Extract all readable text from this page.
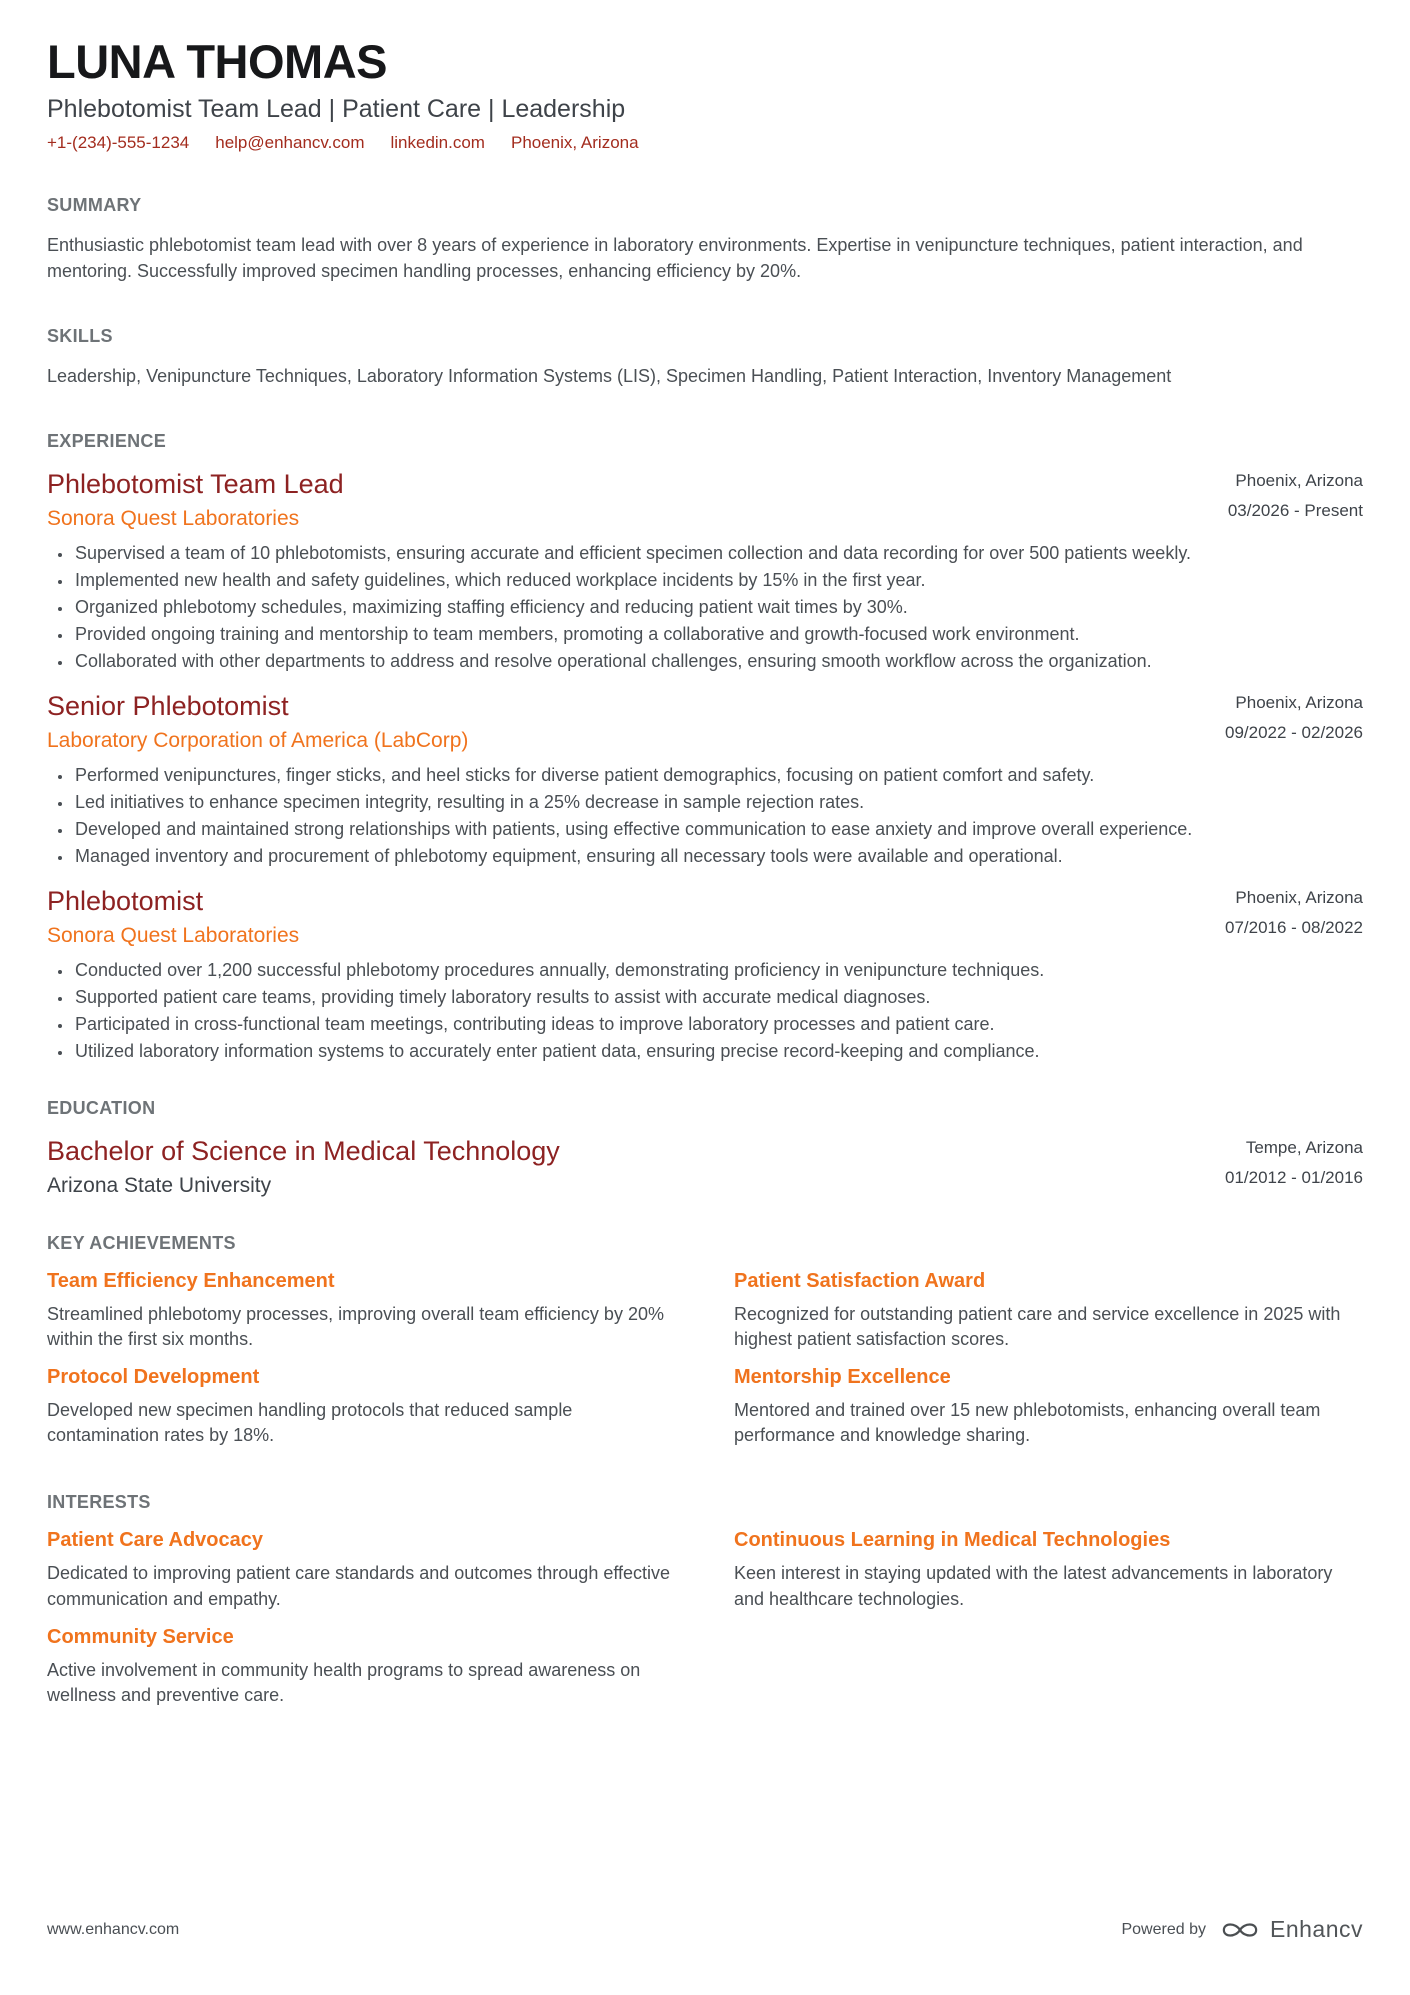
LUNA THOMAS
Phlebotomist Team Lead | Patient Care | Leadership
+1-(234)-555-1234 help@enhancv.com linkedin.com Phoenix, Arizona
SUMMARY
Enthusiastic phlebotomist team lead with over 8 years of experience in laboratory environments. Expertise in venipuncture techniques, patient interaction, and mentoring. Successfully improved specimen handling processes, enhancing efficiency by 20%.
SKILLS
Leadership, Venipuncture Techniques, Laboratory Information Systems (LIS), Specimen Handling, Patient Interaction, Inventory Management
EXPERIENCE
Phlebotomist Team Lead
Sonora Quest Laboratories
Phoenix, Arizona
03/2026 - Present
• Supervised a team of 10 phlebotomists, ensuring accurate and efficient specimen collection and data recording for over 500 patients weekly.
• Implemented new health and safety guidelines, which reduced workplace incidents by 15% in the first year.
• Organized phlebotomy schedules, maximizing staffing efficiency and reducing patient wait times by 30%.
• Provided ongoing training and mentorship to team members, promoting a collaborative and growth-focused work environment.
• Collaborated with other departments to address and resolve operational challenges, ensuring smooth workflow across the organization.
Senior Phlebotomist
Laboratory Corporation of America (LabCorp)
Phoenix, Arizona
09/2022 - 02/2026
• Performed venipunctures, finger sticks, and heel sticks for diverse patient demographics, focusing on patient comfort and safety.
• Led initiatives to enhance specimen integrity, resulting in a 25% decrease in sample rejection rates.
• Developed and maintained strong relationships with patients, using effective communication to ease anxiety and improve overall experience.
• Managed inventory and procurement of phlebotomy equipment, ensuring all necessary tools were available and operational.
Phlebotomist
Sonora Quest Laboratories
Phoenix, Arizona
07/2016 - 08/2022
• Conducted over 1,200 successful phlebotomy procedures annually, demonstrating proficiency in venipuncture techniques.
• Supported patient care teams, providing timely laboratory results to assist with accurate medical diagnoses.
• Participated in cross-functional team meetings, contributing ideas to improve laboratory processes and patient care.
• Utilized laboratory information systems to accurately enter patient data, ensuring precise record-keeping and compliance.
EDUCATION
Bachelor of Science in Medical Technology
Arizona State University
Tempe, Arizona
01/2012 - 01/2016
KEY ACHIEVEMENTS
Team Efficiency Enhancement
Streamlined phlebotomy processes, improving overall team efficiency by 20% within the first six months.
Patient Satisfaction Award
Recognized for outstanding patient care and service excellence in 2025 with highest patient satisfaction scores.
Protocol Development
Developed new specimen handling protocols that reduced sample contamination rates by 18%.
Mentorship Excellence
Mentored and trained over 15 new phlebotomists, enhancing overall team performance and knowledge sharing.
INTERESTS
Patient Care Advocacy
Dedicated to improving patient care standards and outcomes through effective communication and empathy.
Continuous Learning in Medical Technologies
Keen interest in staying updated with the latest advancements in laboratory and healthcare technologies.
Community Service
Active involvement in community health programs to spread awareness on wellness and preventive care.
www.enhancv.com	Powered by	Enhancv
